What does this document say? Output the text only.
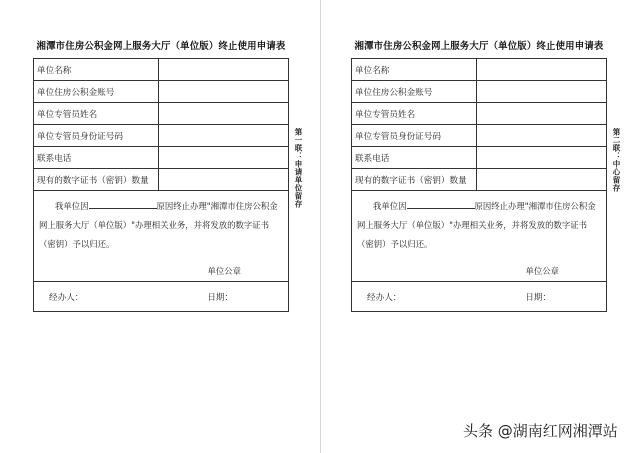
湘潭市住房公积金网上服务大厅（单位版）终止使用申请表
单位名称	
单位住房公积金账号	
单位专管员姓名	
单位专管员身份证号码	
联系电话	
现有的数字证书（密钥）数量	

我单位因 原因终止办理"湘潭市住房公积金网上服务大厅（单位版）"办理相关业务，并将发放的数字证书（密钥）予以归还。

单位公章	

经办人： 日期：	
第一联：申请单位留存
湘潭市住房公积金网上服务大厅（单位版）终止使用申请表
单位名称	
单位住房公积金账号	
单位专管员姓名	
单位专管员身份证号码	
联系电话	
现有的数字证书（密钥）数量	

我单位因 原因终止办理"湘潭市住房公积金网上服务大厅（单位版）"办理相关业务，并将发放的数字证书（密钥）予以归还。

单位公章	

经办人： 日期：	
第二联：中心留存
头条 @湖南红网湘潭站
